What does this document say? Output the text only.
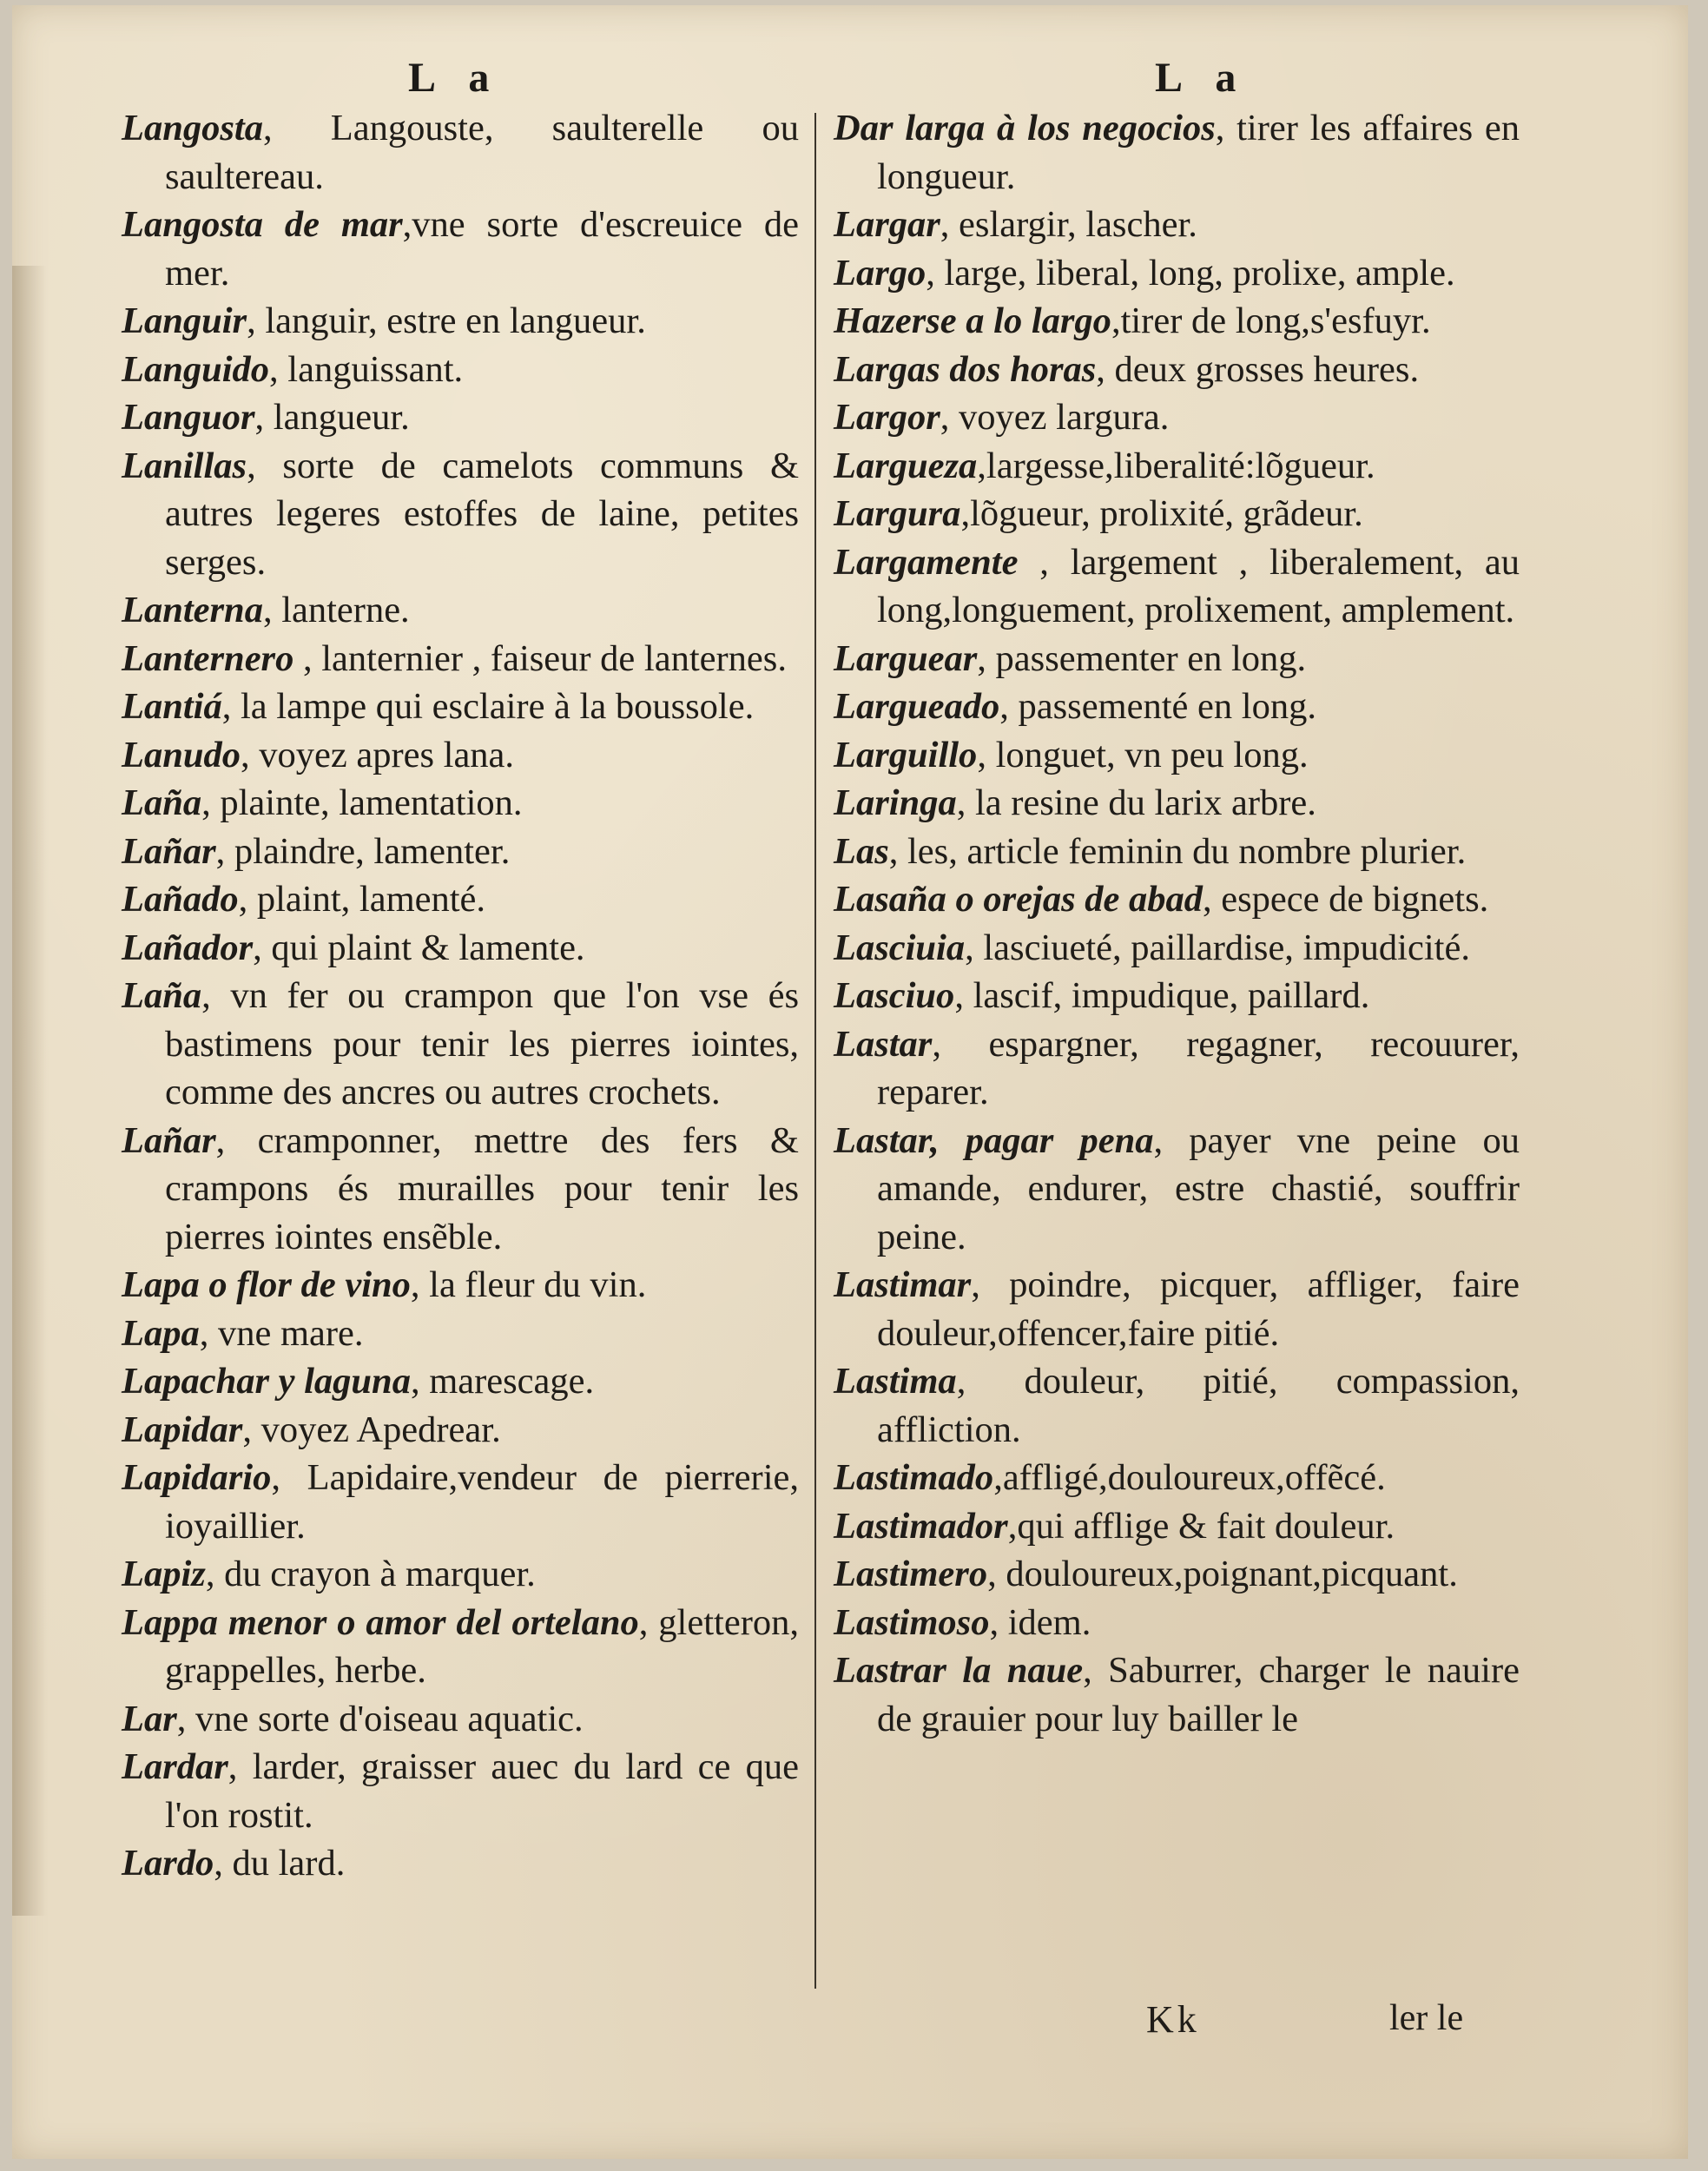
L a	L a

Langosta, Langouste, saulterelle ou saultereau.

Langosta de mar,vne sorte d'escreuice de mer.

Languir, languir, estre en langueur.

Languido, languissant.

Languor, langueur.

Lanillas, sorte de camelots communs & autres legeres estoffes de laine, petites serges.

Lanterna, lanterne.

Lanternero , lanternier , faiseur de lanternes.

Lantiá, la lampe qui esclaire à la boussole.

Lanudo, voyez apres lana.

Laña, plainte, lamentation.

Lañar, plaindre, lamenter.

Lañado, plaint, lamenté.

Lañador, qui plaint & lamente.

Laña, vn fer ou crampon que l'on vse és bastimens pour tenir les pierres iointes, comme des ancres ou autres crochets.

Lañar, cramponner, mettre des fers & crampons és murailles pour tenir les pierres iointes ensẽble.

Lapa o flor de vino, la fleur du vin.

Lapa, vne mare.

Lapachar y laguna, marescage.

Lapidar, voyez Apedrear.

Lapidario, Lapidaire,vendeur de pierrerie, ioyaillier.

Lapiz, du crayon à marquer.

Lappa menor o amor del ortelano, gletteron, grappelles, herbe.

Lar, vne sorte d'oiseau aquatic.

Lardar, larder, graisser auec du lard ce que l'on rostit.

Lardo, du lard.

Dar larga à los negocios, tirer les affaires en longueur.

Largar, eslargir, lascher.

Largo, large, liberal, long, prolixe, ample.

Hazerse a lo largo,tirer de long,s'esfuyr.

Largas dos horas, deux grosses heures.

Largor, voyez largura.

Largueza,largesse,liberalité:lõgueur.

Largura,lõgueur, prolixité, grãdeur.

Largamente , largement , liberalement, au long,longuement, prolixement, amplement.

Larguear, passementer en long.

Largueado, passementé en long.

Larguillo, longuet, vn peu long.

Laringa, la resine du larix arbre.

Las, les, article feminin du nombre plurier.

Lasaña o orejas de abad, espece de bignets.

Lasciuia, lasciueté, paillardise, impudicité.

Lasciuo, lascif, impudique, paillard.

Lastar, espargner, regagner, recouurer, reparer.

Lastar, pagar pena, payer vne peine ou amande, endurer, estre chastié, souffrir peine.

Lastimar, poindre, picquer, affliger, faire douleur,offencer,faire pitié.

Lastima, douleur, pitié, compassion, affliction.

Lastimado,affligé,douloureux,offẽcé.

Lastimador,qui afflige & fait douleur.

Lastimero, douloureux,poignant,picquant.

Lastimoso, idem.

Lastrar la naue, Saburrer, charger le nauire de grauier pour luy bailler le

Kk	ler le
